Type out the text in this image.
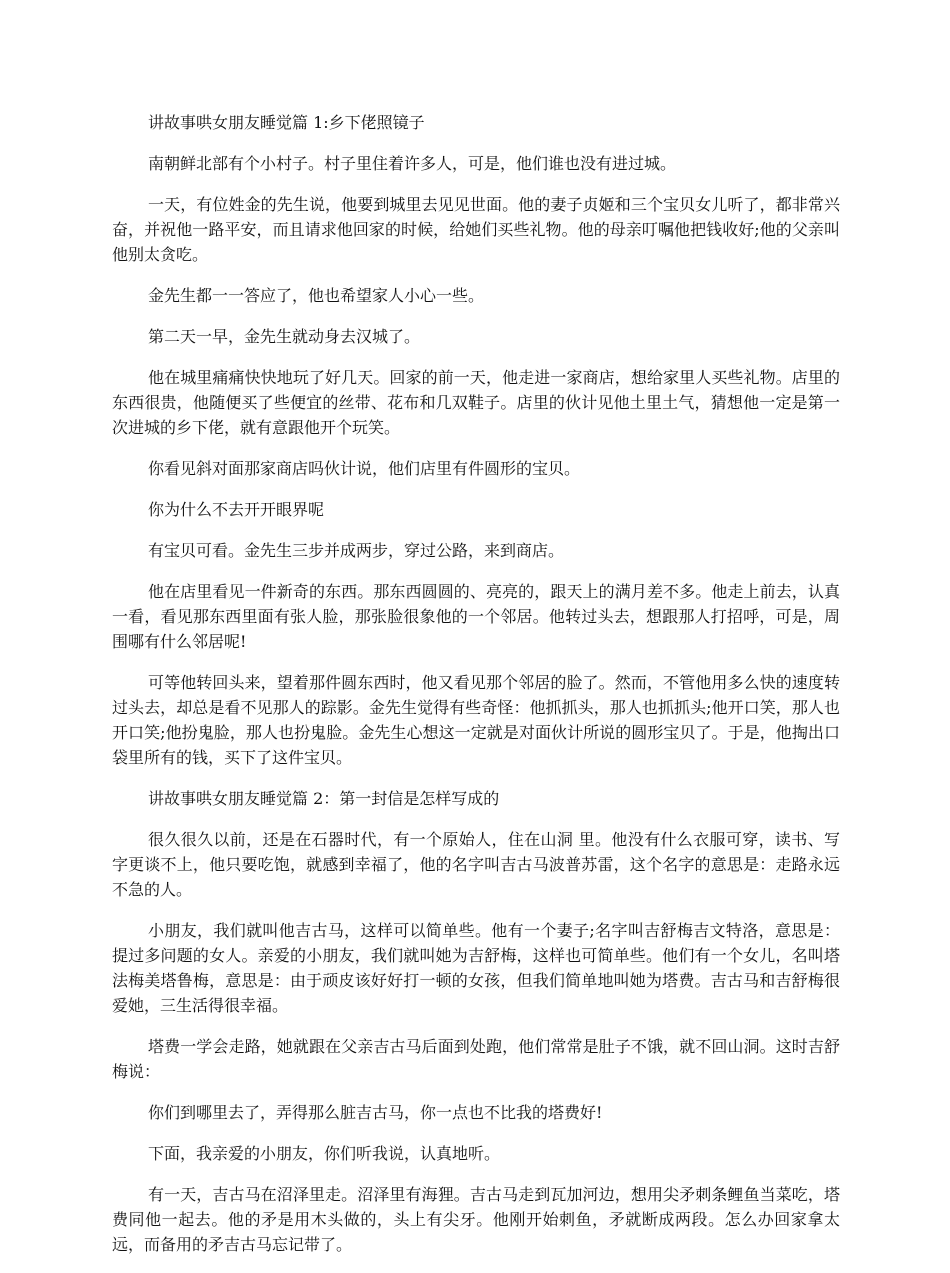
讲故事哄女朋友睡觉篇 1:乡下佬照镜子

南朝鲜北部有个小村子。村子里住着许多人，可是，他们谁也没有进过城。

一天，有位姓金的先生说，他要到城里去见见世面。他的妻子贞姬和三个宝贝女儿听了，都非常兴奋，并祝他一路平安，而且请求他回家的时候，给她们买些礼物。他的母亲叮嘱他把钱收好;他的父亲叫他别太贪吃。

金先生都一一答应了，他也希望家人小心一些。

第二天一早，金先生就动身去汉城了。

他在城里痛痛快快地玩了好几天。回家的前一天，他走进一家商店，想给家里人买些礼物。店里的东西很贵，他随便买了些便宜的丝带、花布和几双鞋子。店里的伙计见他土里土气，猜想他一定是第一次进城的乡下佬，就有意跟他开个玩笑。

你看见斜对面那家商店吗伙计说，他们店里有件圆形的宝贝。

你为什么不去开开眼界呢

有宝贝可看。金先生三步并成两步，穿过公路，来到商店。

他在店里看见一件新奇的东西。那东西圆圆的、亮亮的，跟天上的满月差不多。他走上前去，认真一看，看见那东西里面有张人脸，那张脸很象他的一个邻居。他转过头去，想跟那人打招呼，可是，周围哪有什么邻居呢!

可等他转回头来，望着那件圆东西时，他又看见那个邻居的脸了。然而，不管他用多么快的速度转过头去，却总是看不见那人的踪影。金先生觉得有些奇怪：他抓抓头，那人也抓抓头;他开口笑，那人也开口笑;他扮鬼脸，那人也扮鬼脸。金先生心想这一定就是对面伙计所说的圆形宝贝了。于是，他掏出口袋里所有的钱，买下了这件宝贝。

讲故事哄女朋友睡觉篇 2：第一封信是怎样写成的

很久很久以前，还是在石器时代，有一个原始人，住在山洞 里。他没有什么衣服可穿，读书、写字更谈不上，他只要吃饱，就感到幸福了，他的名字叫吉古马波普苏雷，这个名字的意思是：走路永远不急的人。

小朋友，我们就叫他吉古马，这样可以简单些。他有一个妻子;名字叫吉舒梅吉文特洛，意思是：提过多问题的女人。亲爱的小朋友，我们就叫她为吉舒梅，这样也可简单些。他们有一个女儿，名叫塔法梅美塔鲁梅，意思是：由于顽皮该好好打一顿的女孩，但我们简单地叫她为塔费。吉古马和吉舒梅很爱她，三生活得很幸福。

塔费一学会走路，她就跟在父亲吉古马后面到处跑，他们常常是肚子不饿，就不回山洞。这时吉舒梅说：

你们到哪里去了，弄得那么脏吉古马，你一点也不比我的塔费好!

下面，我亲爱的小朋友，你们听我说，认真地听。

有一天，吉古马在沼泽里走。沼泽里有海狸。吉古马走到瓦加河边，想用尖矛刺条鲤鱼当菜吃，塔费同他一起去。他的矛是用木头做的，头上有尖牙。他刚开始刺鱼，矛就断成两段。怎么办回家拿太远，而备用的矛吉古马忘记带了。
